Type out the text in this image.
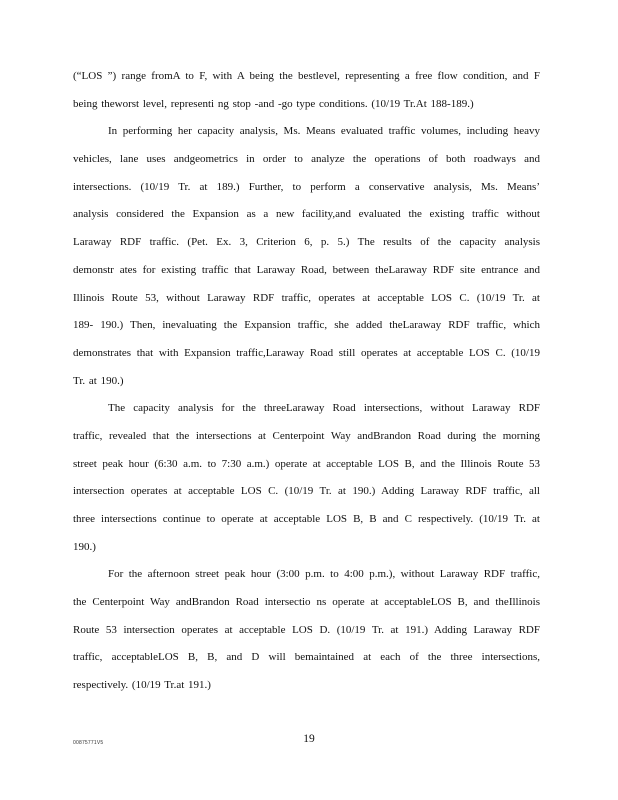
(“LOS ”) range fromA to F, with A being the bestlevel, representing a free flow condition, and F
being theworst level, representi ng stop -and -go type conditions. (10/19 Tr.At 188-189.)
In performing her capacity analysis, Ms. Means evaluated traffic volumes, including heavy
vehicles, lane uses andgeometrics in order to analyze the operations of both roadways and
intersections. (10/19 Tr. at 189.) Further, to perform a conservative analysis, Ms. Means’
analysis considered the Expansion as a new facility,and evaluated the existing traffic without
Laraway RDF traffic. (Pet. Ex. 3, Criterion 6, p. 5.) The results of the capacity analysis
demonstr ates for existing traffic that Laraway Road, between theLaraway RDF site entrance and
Illinois Route 53, without Laraway RDF traffic, operates at acceptable LOS C. (10/19 Tr. at
189- 190.) Then, inevaluating the Expansion traffic, she added theLaraway RDF traffic, which
demonstrates that with Expansion traffic,Laraway Road still operates at acceptable LOS C. (10/19
Tr. at 190.)
The capacity analysis for the threeLaraway Road intersections, without Laraway RDF
traffic, revealed that the intersections at Centerpoint Way andBrandon Road during the morning
street peak hour (6:30 a.m. to 7:30 a.m.) operate at acceptable LOS B, and the Illinois Route 53
intersection operates at acceptable LOS C. (10/19 Tr. at 190.) Adding Laraway RDF traffic, all
three intersections continue to operate at acceptable LOS B, B and C respectively. (10/19 Tr. at
190.)
For the afternoon street peak hour (3:00 p.m. to 4:00 p.m.), without Laraway RDF traffic,
the Centerpoint Way andBrandon Road intersectio ns operate at acceptableLOS B, and theIllinois
Route 53 intersection operates at acceptable LOS D. (10/19 Tr. at 191.) Adding Laraway RDF
traffic, acceptableLOS B, B, and D will bemaintained at each of the three intersections,
respectively. (10/19 Tr.at 191.)
00875771V5	19
